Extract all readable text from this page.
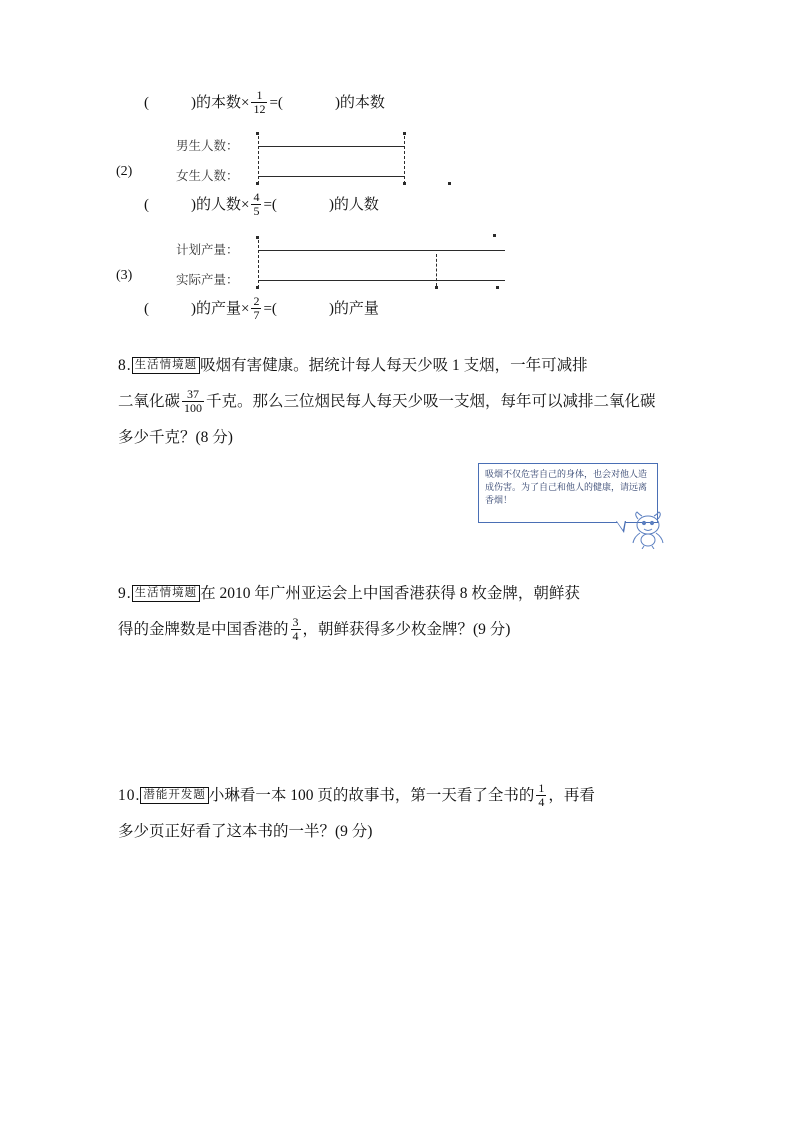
(	)的本数× $\frac{1}{12}$ =(	)的本数
(2)
男生人数：
女生人数：
(	)的人数× $\frac{4}{5}$ =(	)的人数
(3)
计划产量：
实际产量：
(	)的产量× $\frac{2}{7}$ =(	)的产量
8. 生活情境题 吸烟有害健康。据统计每人每天少吸 1 支烟，一年可减排
二氧化碳 $\frac{37}{100}$ 千克。那么三位烟民每人每天少吸一支烟，每年可以减排二氧化碳
多少千克？(8 分)
9. 生活情境题 在 2010 年广州亚运会上中国香港获得 8 枚金牌，朝鲜获
得的金牌数是中国香港的 $\frac{3}{4}$ ，朝鲜获得多少枚金牌？(9 分)
10. 潜能开发题 小琳看一本 100 页的故事书，第一天看了全书的 $\frac{1}{4}$ ，再看
多少页正好看了这本书的一半？(9 分)
吸烟不仅危害自己的身体，也会对他人造成伤害。为了自己和他人的健康，请远离香烟！
